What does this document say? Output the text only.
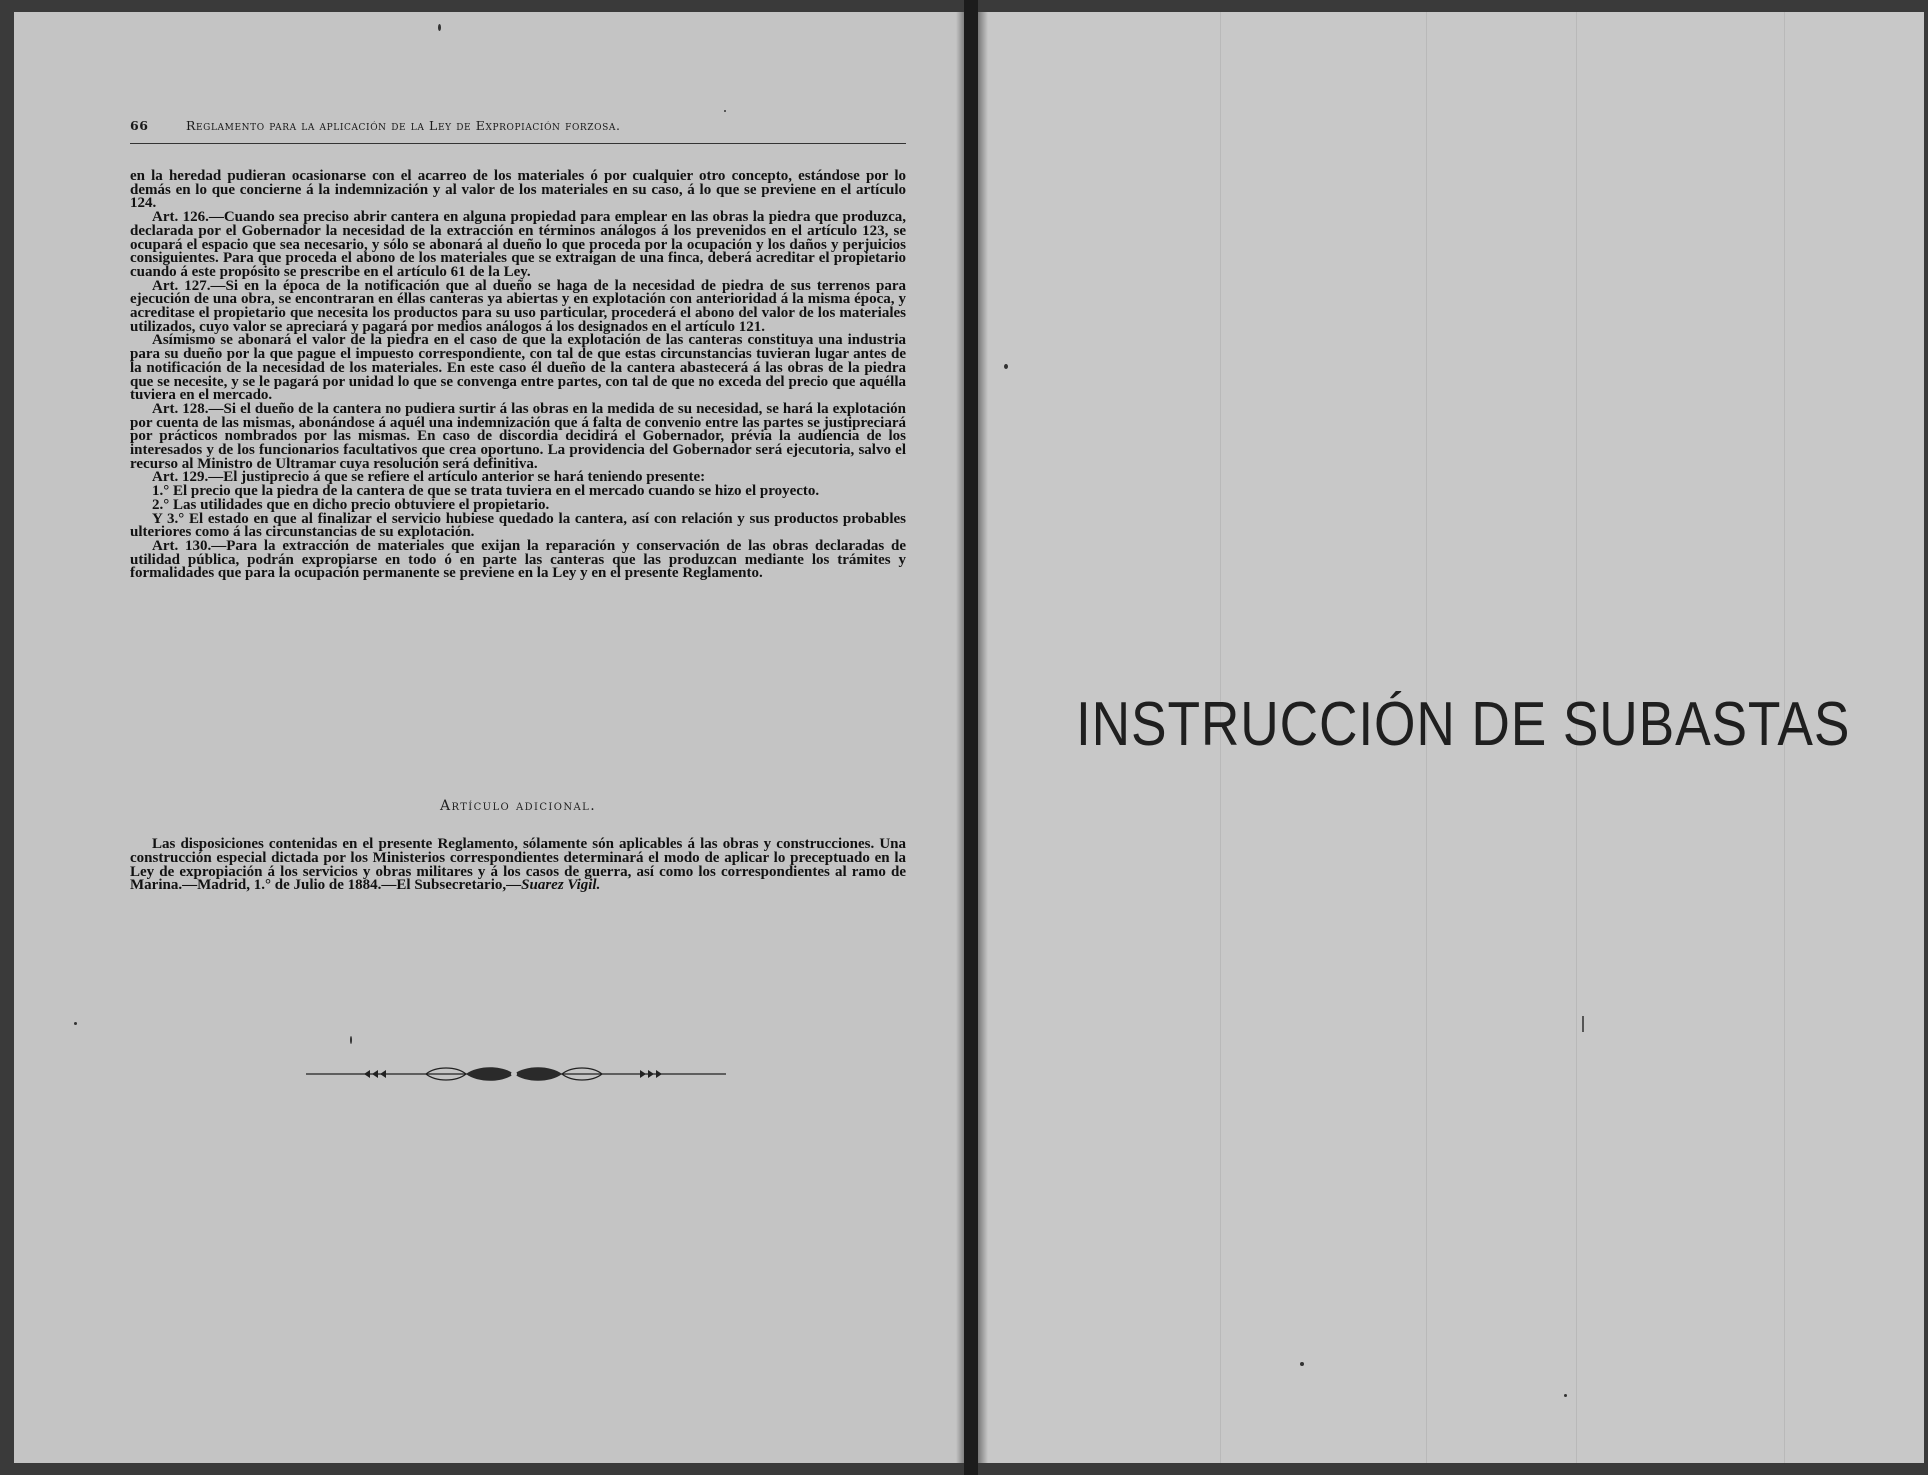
66	Reglamento para la aplicación de la Ley de Expropiación forzosa.

en la heredad pudieran ocasionarse con el acarreo de los materiales ó por cualquier otro concepto, estándose por lo demás en lo que concierne á la indemnización y al valor de los materiales en su caso, á lo que se previene en el artículo 124.

Art. 126.—Cuando sea preciso abrir cantera en alguna propiedad para emplear en las obras la piedra que produzca, declarada por el Gobernador la necesidad de la extracción en términos análogos á los prevenidos en el artículo 123, se ocupará el espacio que sea necesario, y sólo se abonará al dueño lo que proceda por la ocupación y los daños y perjuicios consiguientes. Para que proceda el abono de los materiales que se extraigan de una finca, deberá acreditar el propietario cuando á este propósito se prescribe en el artículo 61 de la Ley.

Art. 127.—Si en la época de la notificación que al dueño se haga de la necesidad de piedra de sus terrenos para ejecución de una obra, se encontraran en éllas canteras ya abiertas y en explotación con anterioridad á la misma época, y acreditase el propietario que necesita los productos para su uso particular, procederá el abono del valor de los materiales utilizados, cuyo valor se apreciará y pagará por medios análogos á los designados en el artículo 121.

Asímismo se abonará el valor de la piedra en el caso de que la explotación de las canteras constituya una industria para su dueño por la que pague el impuesto correspondiente, con tal de que estas circunstancias tuvieran lugar antes de la notificación de la necesidad de los materiales. En este caso él dueño de la cantera abastecerá á las obras de la piedra que se necesite, y se le pagará por unidad lo que se convenga entre partes, con tal de que no exceda del precio que aquélla tuviera en el mercado.

Art. 128.—Si el dueño de la cantera no pudiera surtir á las obras en la medida de su necesidad, se hará la explotación por cuenta de las mismas, abonándose á aquél una indemnización que á falta de convenio entre las partes se justipreciará por prácticos nombrados por las mismas. En caso de discordia decidirá el Gobernador, prévia la audiencia de los interesados y de los funcionarios facultativos que crea oportuno. La providencia del Gobernador será ejecutoria, salvo el recurso al Ministro de Ultramar cuya resolución será definitiva.

Art. 129.—El justiprecio á que se refiere el artículo anterior se hará teniendo presente:

1.° El precio que la piedra de la cantera de que se trata tuviera en el mercado cuando se hizo el proyecto.

2.° Las utilidades que en dicho precio obtuviere el propietario.

Y 3.° El estado en que al finalizar el servicio hubiese quedado la cantera, así con relación y sus productos probables ulteriores como á las circunstancias de su explotación.

Art. 130.—Para la extracción de materiales que exijan la reparación y conservación de las obras declaradas de utilidad pública, podrán expropiarse en todo ó en parte las canteras que las produzcan mediante los trámites y formalidades que para la ocupación permanente se previene en la Ley y en el presente Reglamento.

Artículo adicional.

Las disposiciones contenidas en el presente Reglamento, sólamente són aplicables á las obras y construcciones. Una construcción especial dictada por los Ministerios correspondientes determinará el modo de aplicar lo preceptuado en la Ley de expropiación á los servicios y obras militares y á los casos de guerra, así como los correspondientes al ramo de Marina.—Madrid, 1.° de Julio de 1884.—El Subsecretario,—Suarez Vigil.

INSTRUCCIÓN DE SUBASTAS
